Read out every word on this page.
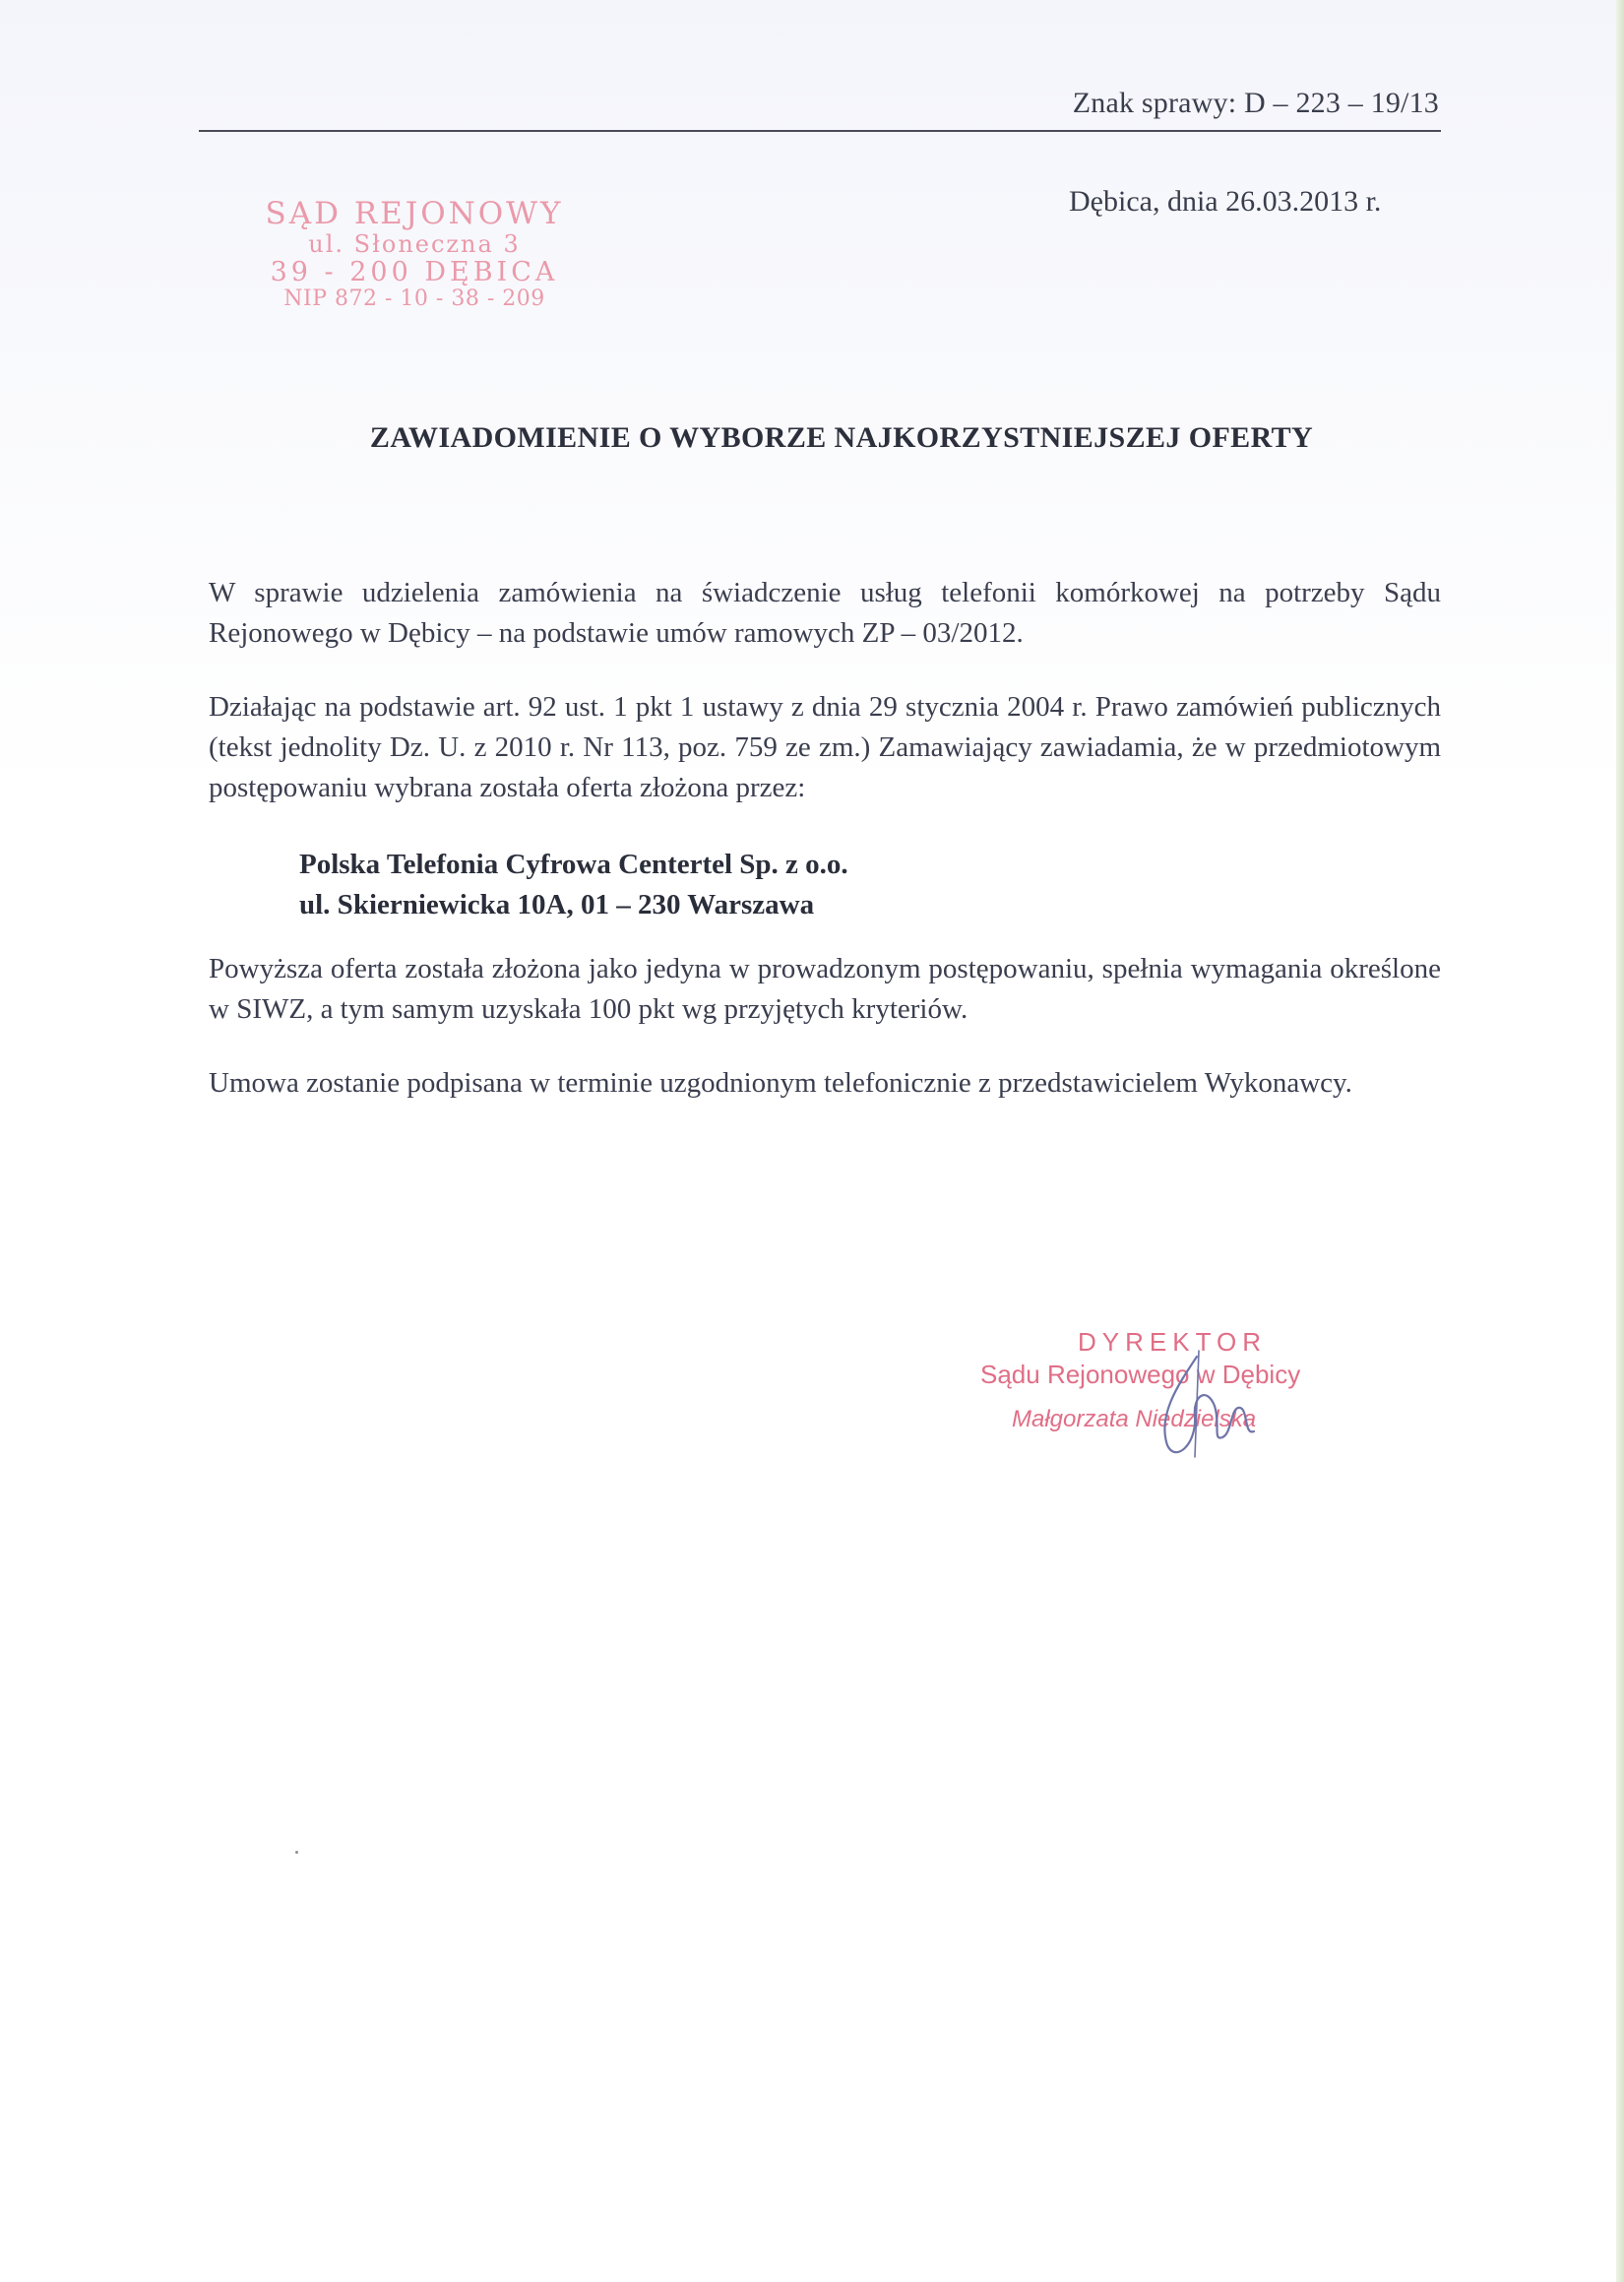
Znak sprawy: D – 223 – 19/13
Dębica, dnia 26.03.2013 r.
SĄD REJONOWY
ul. Słoneczna 3
39 - 200 DĘBICA
NIP 872 - 10 - 38 - 209
ZAWIADOMIENIE O WYBORZE NAJKORZYSTNIEJSZEJ OFERTY

W sprawie udzielenia zamówienia na świadczenie usług telefonii komórkowej na potrzeby Sądu Rejonowego w Dębicy – na podstawie umów ramowych ZP – 03/2012.

Działając na podstawie art. 92 ust. 1 pkt 1 ustawy z dnia 29 stycznia 2004 r. Prawo zamówień publicznych (tekst jednolity Dz. U. z 2010 r. Nr 113, poz. 759 ze zm.) Zamawiający zawiadamia, że w przedmiotowym postępowaniu wybrana została oferta złożona przez:

Polska Telefonia Cyfrowa Centertel Sp. z o.o.
ul. Skierniewicka 10A, 01 – 230 Warszawa

Powyższa oferta została złożona jako jedyna w prowadzonym postępowaniu, spełnia wymagania określone w SIWZ, a tym samym uzyskała 100 pkt wg przyjętych kryteriów.

Umowa zostanie podpisana w terminie uzgodnionym telefonicznie z przedstawicielem Wykonawcy.

DYREKTOR
Sądu Rejonowego w Dębicy
Małgorzata Niedzielska
